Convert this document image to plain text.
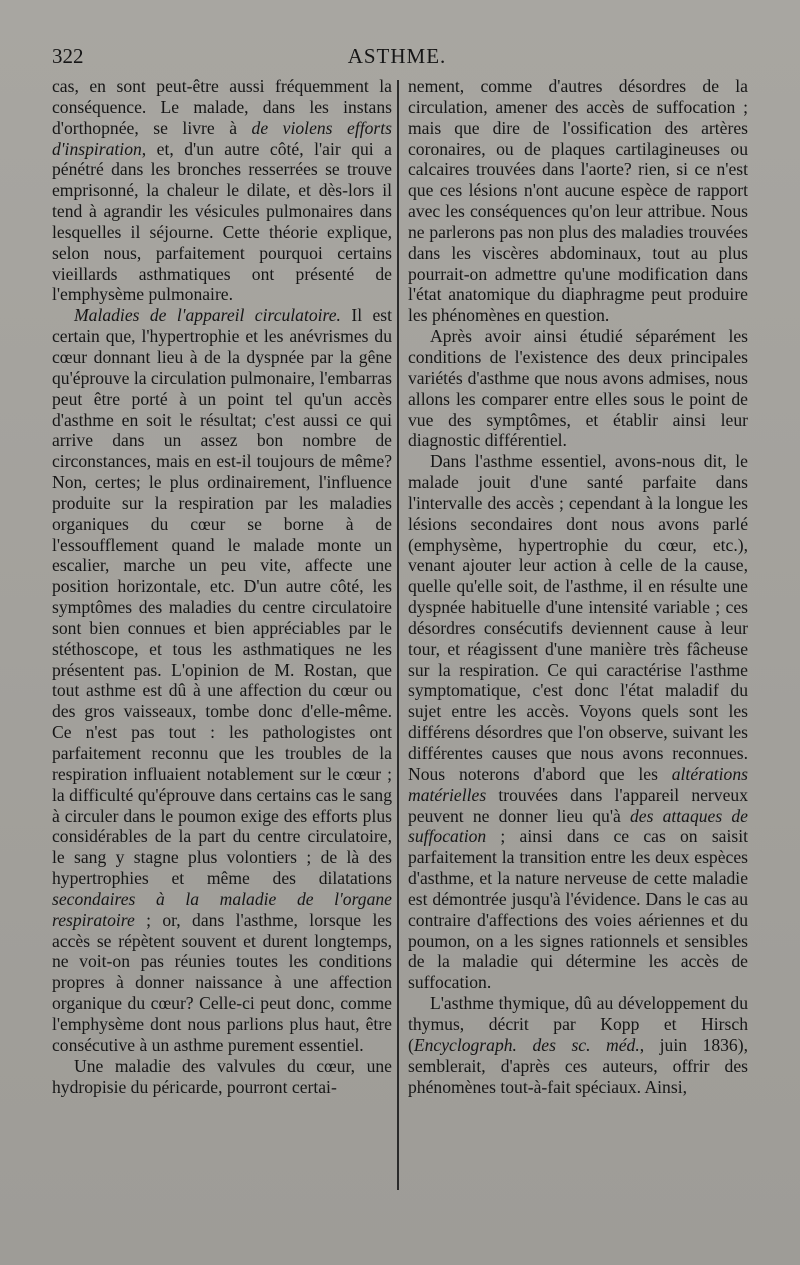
322	ASTHME.

cas, en sont peut-être aussi fréquemment la conséquence. Le malade, dans les instans d'orthopnée, se livre à de violens efforts d'inspiration, et, d'un autre côté, l'air qui a pénétré dans les bronches resserrées se trouve emprisonné, la chaleur le dilate, et dès-lors il tend à agrandir les vésicules pulmonaires dans lesquelles il séjourne. Cette théorie explique, selon nous, parfaitement pourquoi certains vieillards asthmatiques ont présenté de l'emphysème pulmonaire.

Maladies de l'appareil circulatoire. Il est certain que, l'hypertrophie et les anévrismes du cœur donnant lieu à de la dyspnée par la gêne qu'éprouve la circulation pulmonaire, l'embarras peut être porté à un point tel qu'un accès d'asthme en soit le résultat; c'est aussi ce qui arrive dans un assez bon nombre de circonstances, mais en est-il toujours de même? Non, certes; le plus ordinairement, l'influence produite sur la respiration par les maladies organiques du cœur se borne à de l'essoufflement quand le malade monte un escalier, marche un peu vite, affecte une position horizontale, etc. D'un autre côté, les symptômes des maladies du centre circulatoire sont bien connues et bien appréciables par le stéthoscope, et tous les asthmatiques ne les présentent pas. L'opinion de M. Rostan, que tout asthme est dû à une affection du cœur ou des gros vaisseaux, tombe donc d'elle-même. Ce n'est pas tout : les pathologistes ont parfaitement reconnu que les troubles de la respiration influaient notablement sur le cœur ; la difficulté qu'éprouve dans certains cas le sang à circuler dans le poumon exige des efforts plus considérables de la part du centre circulatoire, le sang y stagne plus volontiers ; de là des hypertrophies et même des dilatations secondaires à la maladie de l'organe respiratoire ; or, dans l'asthme, lorsque les accès se répètent souvent et durent longtemps, ne voit-on pas réunies toutes les conditions propres à donner naissance à une affection organique du cœur? Celle-ci peut donc, comme l'emphysème dont nous parlions plus haut, être consécutive à un asthme purement essentiel.

Une maladie des valvules du cœur, une hydropisie du péricarde, pourront certai-

nement, comme d'autres désordres de la circulation, amener des accès de suffocation ; mais que dire de l'ossification des artères coronaires, ou de plaques cartilagineuses ou calcaires trouvées dans l'aorte? rien, si ce n'est que ces lésions n'ont aucune espèce de rapport avec les conséquences qu'on leur attribue. Nous ne parlerons pas non plus des maladies trouvées dans les viscères abdominaux, tout au plus pourrait-on admettre qu'une modification dans l'état anatomique du diaphragme peut produire les phénomènes en question.

Après avoir ainsi étudié séparément les conditions de l'existence des deux principales variétés d'asthme que nous avons admises, nous allons les comparer entre elles sous le point de vue des symptômes, et établir ainsi leur diagnostic différentiel.

Dans l'asthme essentiel, avons-nous dit, le malade jouit d'une santé parfaite dans l'intervalle des accès ; cependant à la longue les lésions secondaires dont nous avons parlé (emphysème, hypertrophie du cœur, etc.), venant ajouter leur action à celle de la cause, quelle qu'elle soit, de l'asthme, il en résulte une dyspnée habituelle d'une intensité variable ; ces désordres consécutifs deviennent cause à leur tour, et réagissent d'une manière très fâcheuse sur la respiration. Ce qui caractérise l'asthme symptomatique, c'est donc l'état maladif du sujet entre les accès. Voyons quels sont les différens désordres que l'on observe, suivant les différentes causes que nous avons reconnues. Nous noterons d'abord que les altérations matérielles trouvées dans l'appareil nerveux peuvent ne donner lieu qu'à des attaques de suffocation ; ainsi dans ce cas on saisit parfaitement la transition entre les deux espèces d'asthme, et la nature nerveuse de cette maladie est démontrée jusqu'à l'évidence. Dans le cas au contraire d'affections des voies aériennes et du poumon, on a les signes rationnels et sensibles de la maladie qui détermine les accès de suffocation.

L'asthme thymique, dû au développement du thymus, décrit par Kopp et Hirsch (Encyclograph. des sc. méd., juin 1836), semblerait, d'après ces auteurs, offrir des phénomènes tout-à-fait spéciaux. Ainsi,
